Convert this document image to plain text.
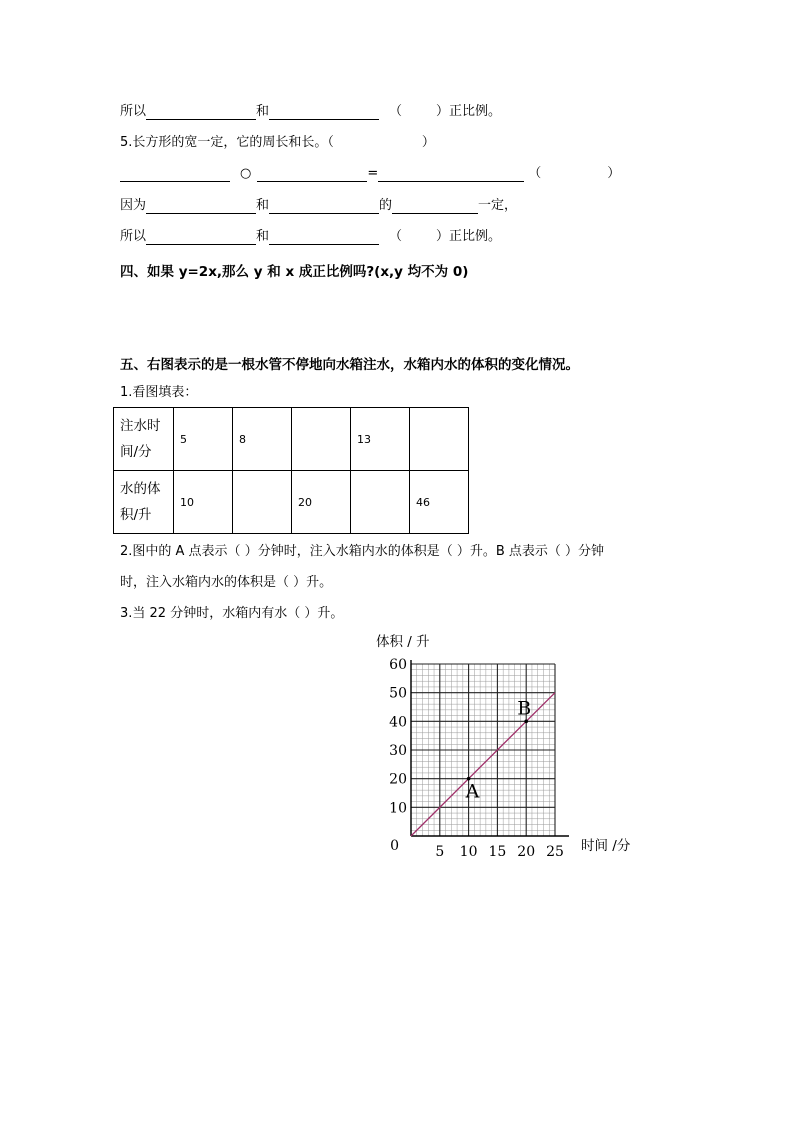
所以	和	（	）正比例。
5.长方形的宽一定，它的周长和长。（	）
○	=	（	）
因为	和	的	一定，
所以	和	（	）正比例。
四、如果 y=2x,那么 y 和 x 成正比例吗?(x,y 均不为 0)
五、右图表示的是一根水管不停地向水箱注水，水箱内水的体积的变化情况。
1.看图填表：
注水时
间/分	5	8		13	
水的体
积/升	10		20		46
2.图中的 A 点表示（ ）分钟时，注入水箱内水的体积是（ ）升。B 点表示（ ）分钟
时，注入水箱内水的体积是（ ）升。
3.当 22 分钟时，水箱内有水（ ）升。
A
B
5 10 15 20 25
10
20
30
40
50
60
0
体积 / 升
时间 /分
